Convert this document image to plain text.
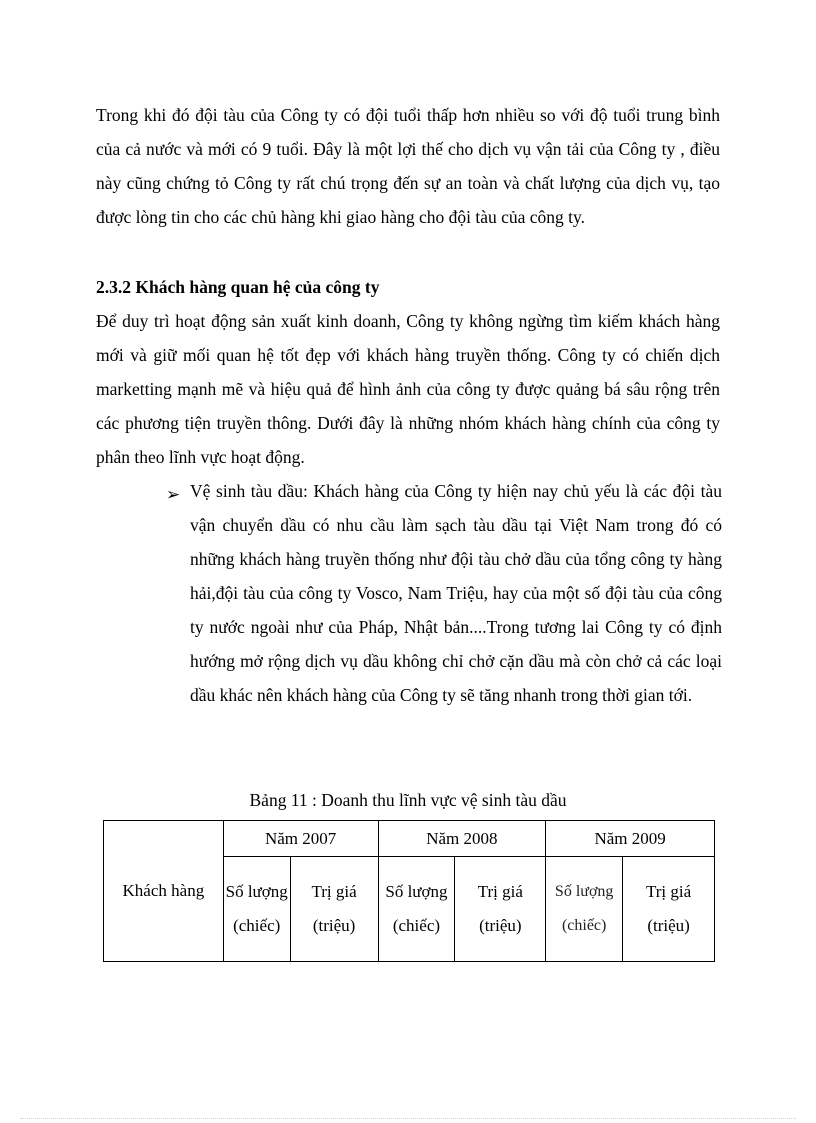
Trong khi đó đội tàu của Công ty có đội tuổi thấp hơn nhiều so với độ tuổi trung bình của cả nước và mới có 9 tuổi. Đây là một lợi thế cho dịch vụ vận tải của Công ty , điều này cũng chứng tỏ Công ty rất chú trọng đến sự an toàn và chất lượng của dịch vụ, tạo được lòng tin cho các chủ hàng khi giao hàng cho đội tàu của công ty.

2.3.2 Khách hàng quan hệ của công ty

Để duy trì hoạt động sản xuất kinh doanh, Công ty không ngừng tìm kiếm khách hàng mới và giữ mối quan hệ tốt đẹp với khách hàng truyền thống. Công ty có chiến dịch marketting mạnh mẽ và hiệu quả để hình ảnh của công ty được quảng bá sâu rộng trên các phương tiện truyền thông. Dưới đây là những nhóm khách hàng chính của công ty phân theo lĩnh vực hoạt động.

➢ Vệ sinh tàu dầu: Khách hàng của Công ty hiện nay chủ yếu là các đội tàu vận chuyển dầu có nhu cầu làm sạch tàu dầu tại Việt Nam trong đó có những khách hàng truyền thống như đội tàu chở dầu của tổng công ty hàng hải,đội tàu của công ty Vosco, Nam Triệu, hay của một số đội tàu của công ty nước ngoài như của Pháp, Nhật bản....Trong tương lai Công ty có định hướng mở rộng dịch vụ dầu không chỉ chở cặn dầu mà còn chở cả các loại dầu khác nên khách hàng của Công ty sẽ tăng nhanh trong thời gian tới.

Bảng 11 : Doanh thu lĩnh vực vệ sinh tàu dầu

Khách hàng	Năm 2007		Năm 2008		Năm 2009	
	Số lượng (chiếc)	Trị giá (triệu)	Số lượng (chiếc)	Trị giá (triệu)	Số lượng (chiếc)	Trị giá (triệu)
